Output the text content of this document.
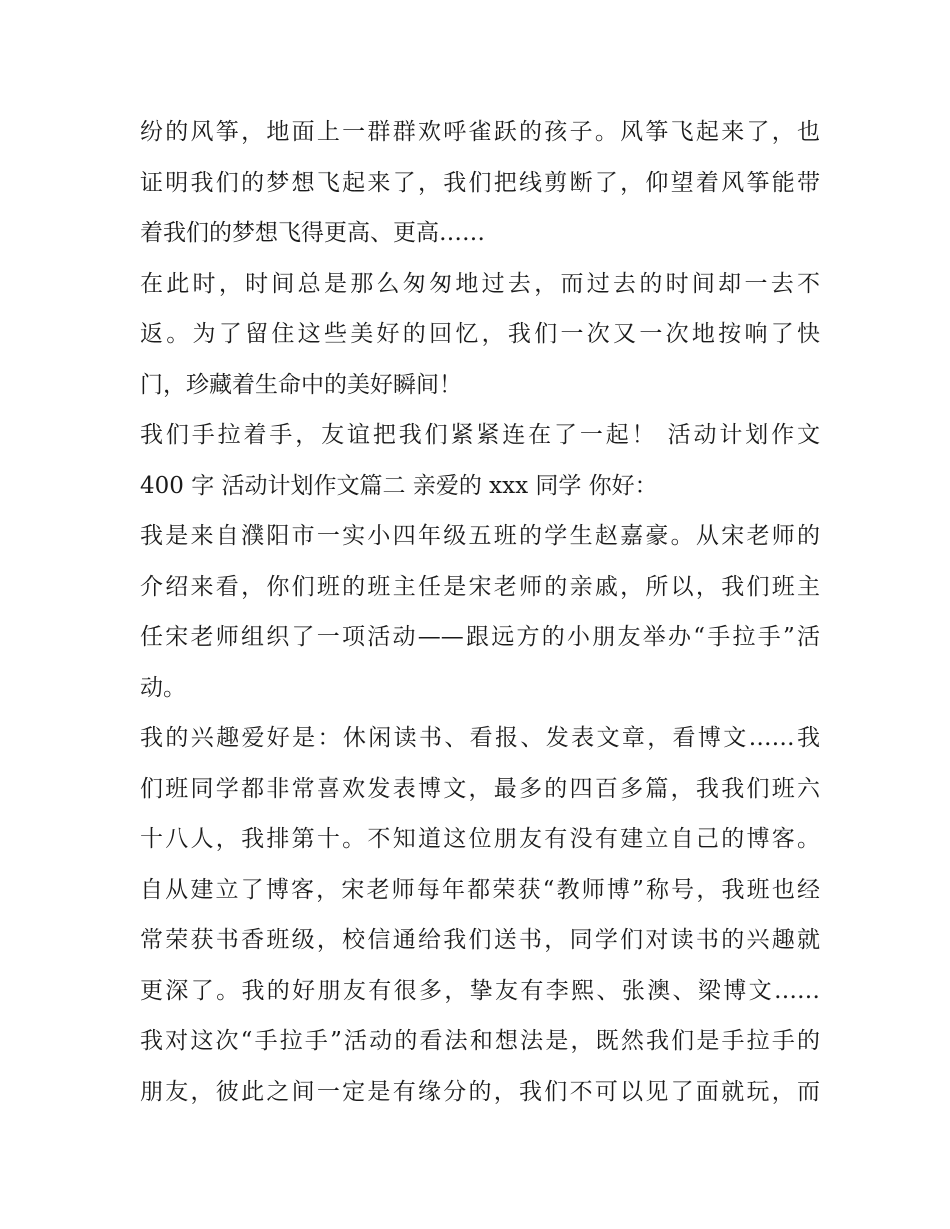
纷的风筝，地面上一群群欢呼雀跃的孩子。风筝飞起来了，也
证明我们的梦想飞起来了，我们把线剪断了，仰望着风筝能带
着我们的梦想飞得更高、更高……
在此时，时间总是那么匆匆地过去，而过去的时间却一去不
返。为了留住这些美好的回忆，我们一次又一次地按响了快
门，珍藏着生命中的美好瞬间！
我们手拉着手，友谊把我们紧紧连在了一起！ 活动计划作文
400 字 活动计划作文篇二 亲爱的 xxx 同学 你好：
我是来自濮阳市一实小四年级五班的学生赵嘉豪。从宋老师的
介绍来看，你们班的班主任是宋老师的亲戚，所以，我们班主
任宋老师组织了一项活动——跟远方的小朋友举办“手拉手”活
动。
我的兴趣爱好是：休闲读书、看报、发表文章，看博文……我
们班同学都非常喜欢发表博文，最多的四百多篇，我我们班六
十八人，我排第十。不知道这位朋友有没有建立自己的博客。
自从建立了博客，宋老师每年都荣获“教师博”称号，我班也经
常荣获书香班级，校信通给我们送书，同学们对读书的兴趣就
更深了。我的好朋友有很多，挚友有李熙、张澳、梁博文……
我对这次“手拉手”活动的看法和想法是，既然我们是手拉手的
朋友，彼此之间一定是有缘分的，我们不可以见了面就玩，而
